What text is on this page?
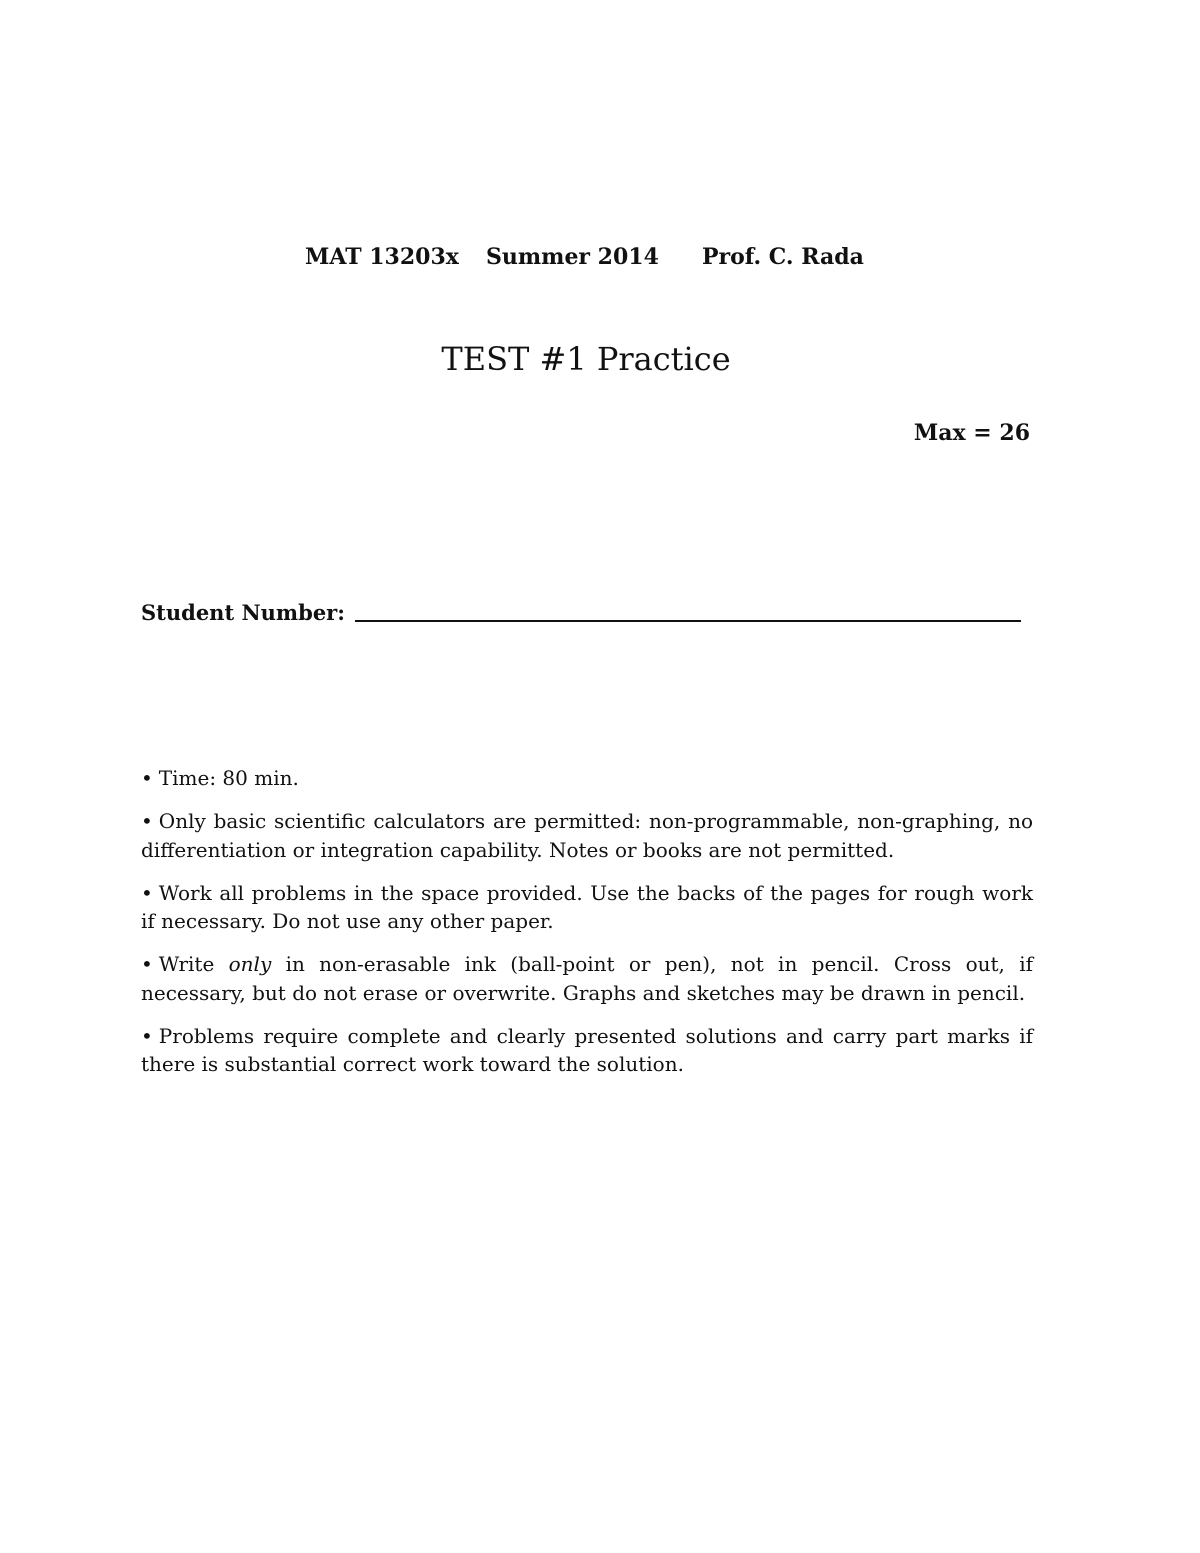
MAT 13203x Summer 2014 Prof. C. Rada
TEST #1 Practice
Max = 26
Student Number:

• Time: 80 min.

• Only basic scientific calculators are permitted: non-programmable, non-graphing, no differentiation or integration capability. Notes or books are not permitted.

• Work all problems in the space provided. Use the backs of the pages for rough work if necessary. Do not use any other paper.

• Write only in non-erasable ink (ball-point or pen), not in pencil. Cross out, if necessary, but do not erase or overwrite. Graphs and sketches may be drawn in pencil.

• Problems require complete and clearly presented solutions and carry part marks if there is substantial correct work toward the solution.
